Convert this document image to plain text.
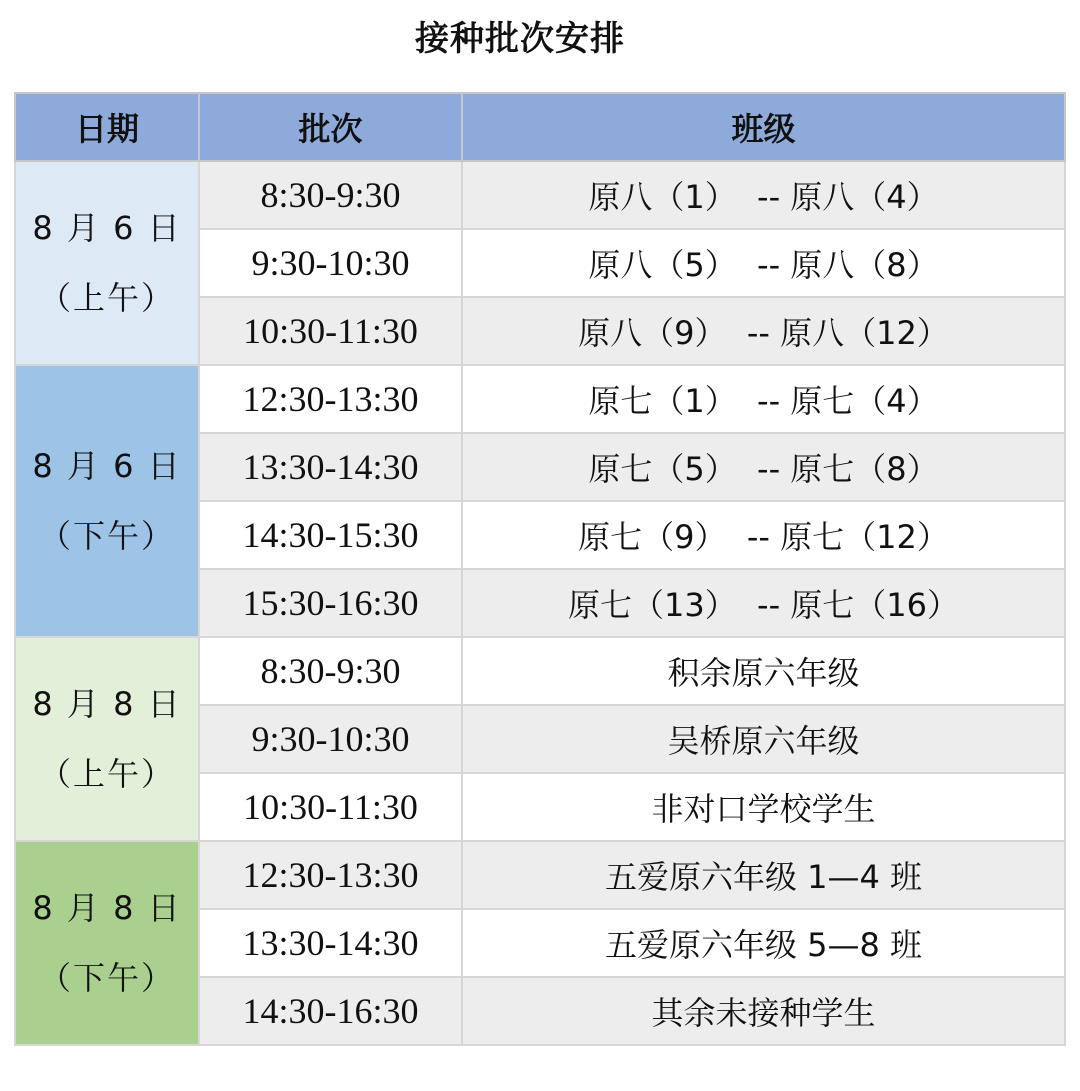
接种批次安排
日期	批次	班级

8 月 6 日
（上午）	8:30-9:30	原八（1）  -- 原八（4）
	9:30-10:30	原八（5）  -- 原八（8）
	10:30-11:30	原八（9）  -- 原八（12）

8 月 6 日
（下午）	12:30-13:30	原七（1）  -- 原七（4）
	13:30-14:30	原七（5）  -- 原七（8）
	14:30-15:30	原七（9）  -- 原七（12）
	15:30-16:30	原七（13）  -- 原七（16）

8 月 8 日
（上午）	8:30-9:30	积余原六年级
	9:30-10:30	吴桥原六年级
	10:30-11:30	非对口学校学生

8 月 8 日
（下午）	12:30-13:30	五爱原六年级 1—4 班
	13:30-14:30	五爱原六年级 5—8 班
	14:30-16:30	其余未接种学生
